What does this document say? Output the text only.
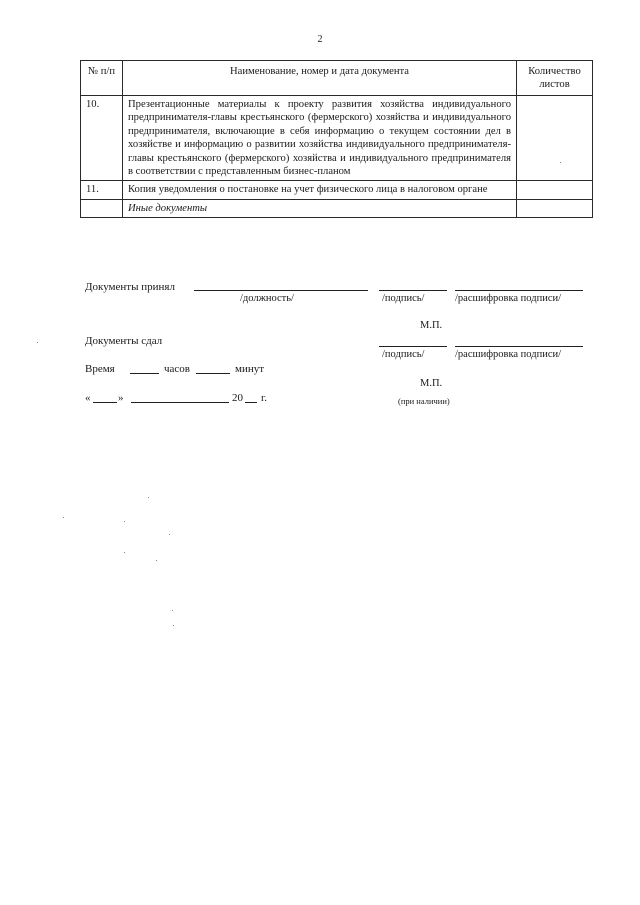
2
№ п/п	Наименование, номер и дата документа	Количество листов
10.	Презентационные материалы к проекту развития хозяйства индивидуального предпринимателя-главы крестьянского (фермерского) хозяйства и индивидуального предпринимателя, включающие в себя информацию о текущем состоянии дел в хозяйстве и информацию о развитии хозяйства индивидуального предпринимателя-главы крестьянского (фермерского) хозяйства и индивидуального предпринимателя в соответствии с представленным бизнес-планом	
11.	Копия уведомления о постановке на учет физического лица в налоговом органе	
	Иные документы	
Документы принял
/должность/	/подпись/	/расшифровка подписи/
М.П.
Документы сдал
/подпись/	/расшифровка подписи/
Время	часов	минут
М.П.
«	»	20 г.	(при наличии)
